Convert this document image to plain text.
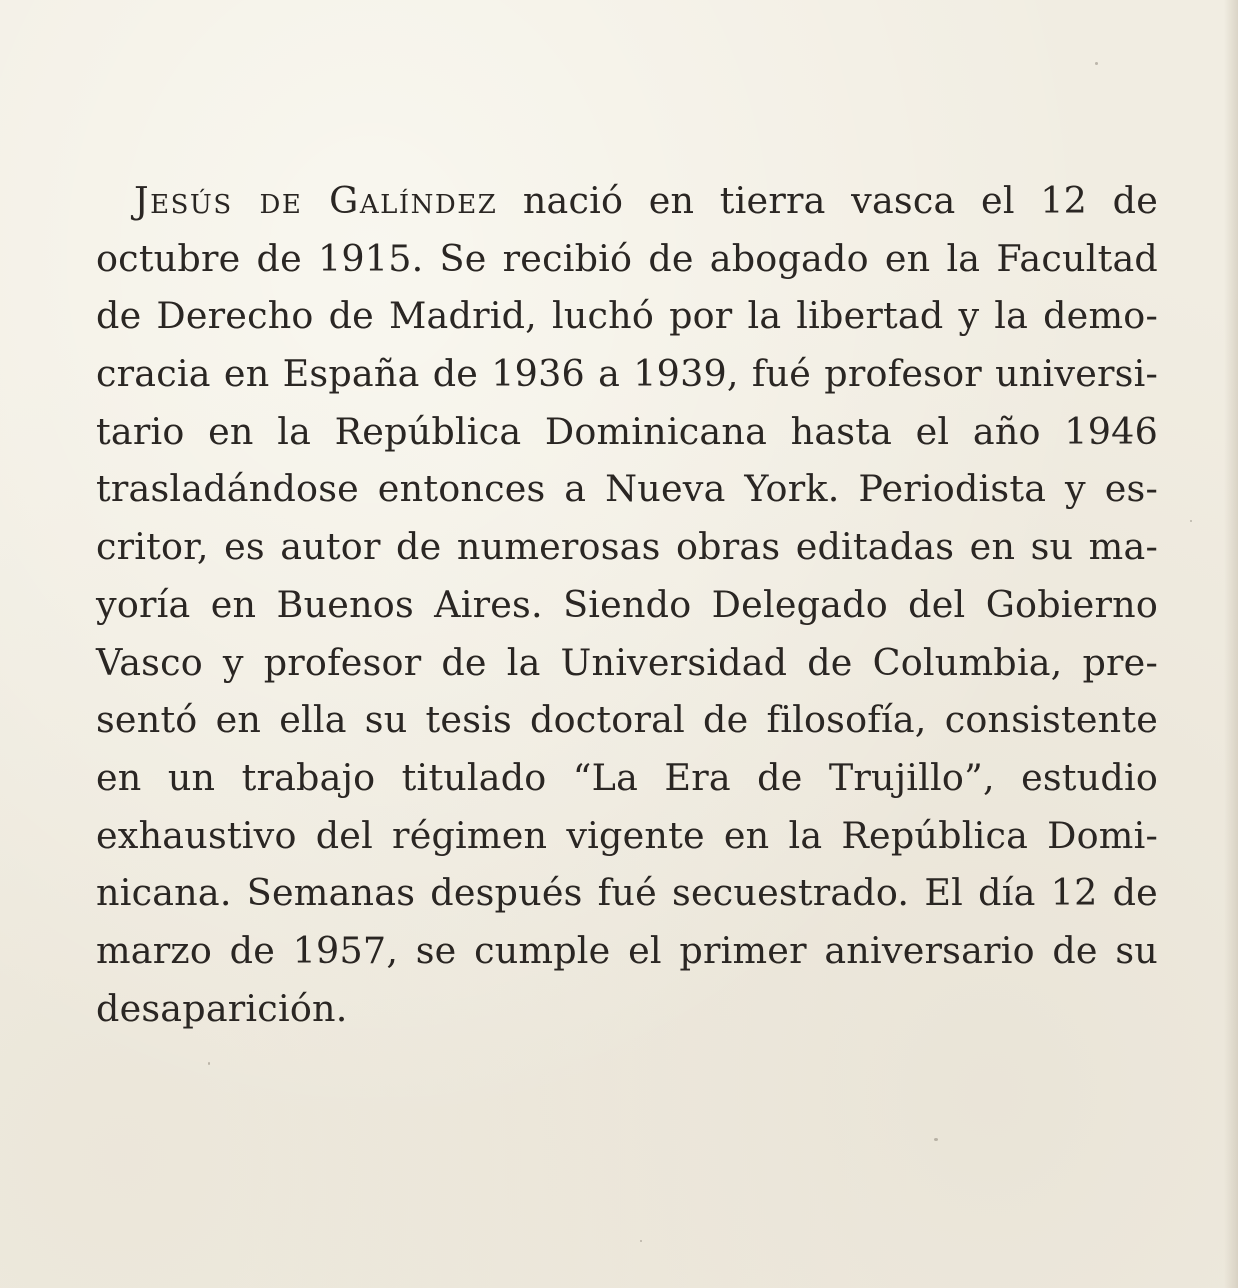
Jesús de Galíndez nació en tierra vasca el 12 de
octubre de 1915. Se recibió de abogado en la Facultad
de Derecho de Madrid, luchó por la libertad y la demo-
cracia en España de 1936 a 1939, fué profesor universi-
tario en la República Dominicana hasta el año 1946
trasladándose entonces a Nueva York. Periodista y es-
critor, es autor de numerosas obras editadas en su ma-
yoría en Buenos Aires. Siendo Delegado del Gobierno
Vasco y profesor de la Universidad de Columbia, pre-
sentó en ella su tesis doctoral de filosofía, consistente
en un trabajo titulado “La Era de Trujillo”, estudio
exhaustivo del régimen vigente en la República Domi-
nicana. Semanas después fué secuestrado. El día 12 de
marzo de 1957, se cumple el primer aniversario de su
desaparición.
